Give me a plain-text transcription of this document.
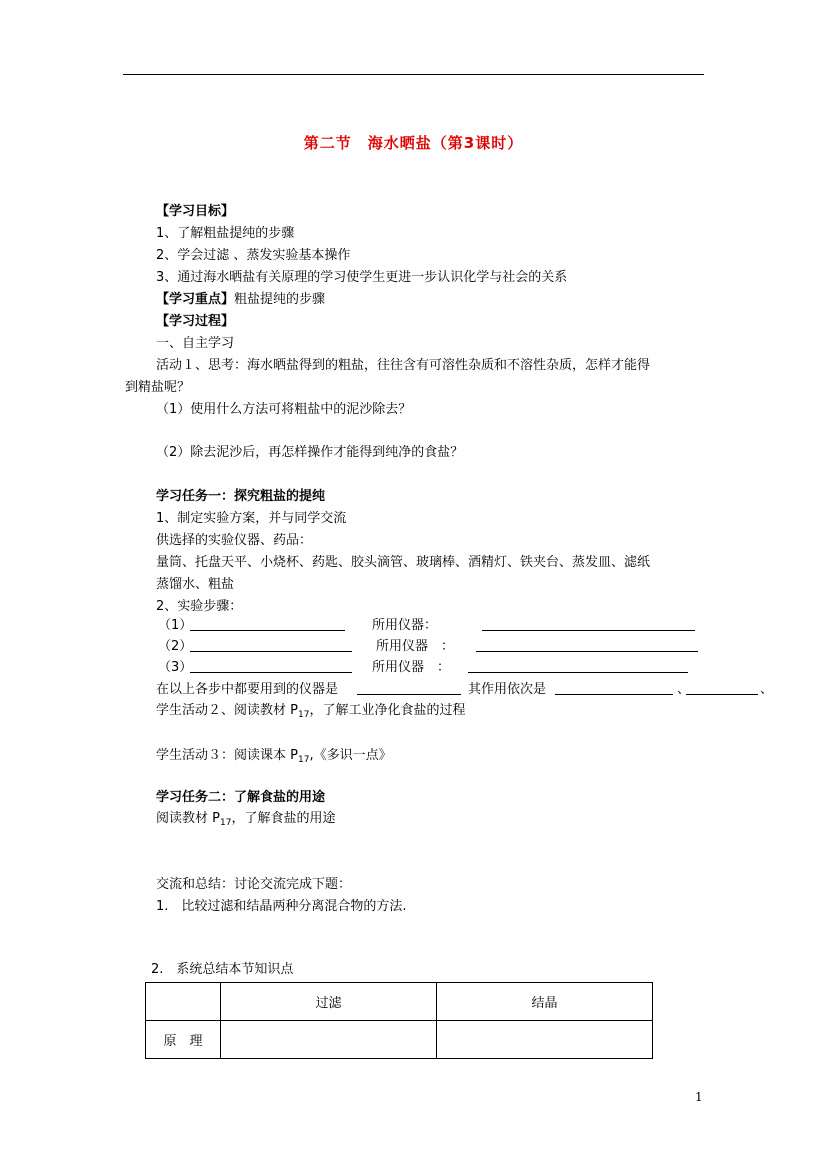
第二节　海水晒盐（第3课时）
【学习目标】
1、了解粗盐提纯的步骤
2、学会过滤 、蒸发实验基本操作
3、通过海水晒盐有关原理的学习使学生更进一步认识化学与社会的关系
【学习重点】粗盐提纯的步骤
【学习过程】
一、自主学习
活动１、思考：海水晒盐得到的粗盐，往往含有可溶性杂质和不溶性杂质，怎样才能得
到精盐呢？
（1）使用什么方法可将粗盐中的泥沙除去？
（2）除去泥沙后，再怎样操作才能得到纯净的食盐？
学习任务一：探究粗盐的提纯
1、制定实验方案，并与同学交流
供选择的实验仪器、药品：
量筒、托盘天平、小烧杯、药匙、胶头滴管、玻璃棒、酒精灯、铁夹台、蒸发皿、滤纸
蒸馏水、粗盐
2、实验步骤：
（1）	所用仪器：
（2）	所用仪器　：
（3）	所用仪器　：
在以上各步中都要用到的仪器是	其作用依次是	、	、
学生活动２、阅读教材 $P_{17}$，了解工业净化食盐的过程
学生活动３：阅读课本 $P_{17}$,《多识一点》
学习任务二：了解食盐的用途
阅读教材 $P_{17}$，了解食盐的用途
交流和总结：讨论交流完成下题：
1.　比较过滤和结晶两种分离混合物的方法.
2.　系统总结本节知识点
	过滤	结晶
原　理		
1
